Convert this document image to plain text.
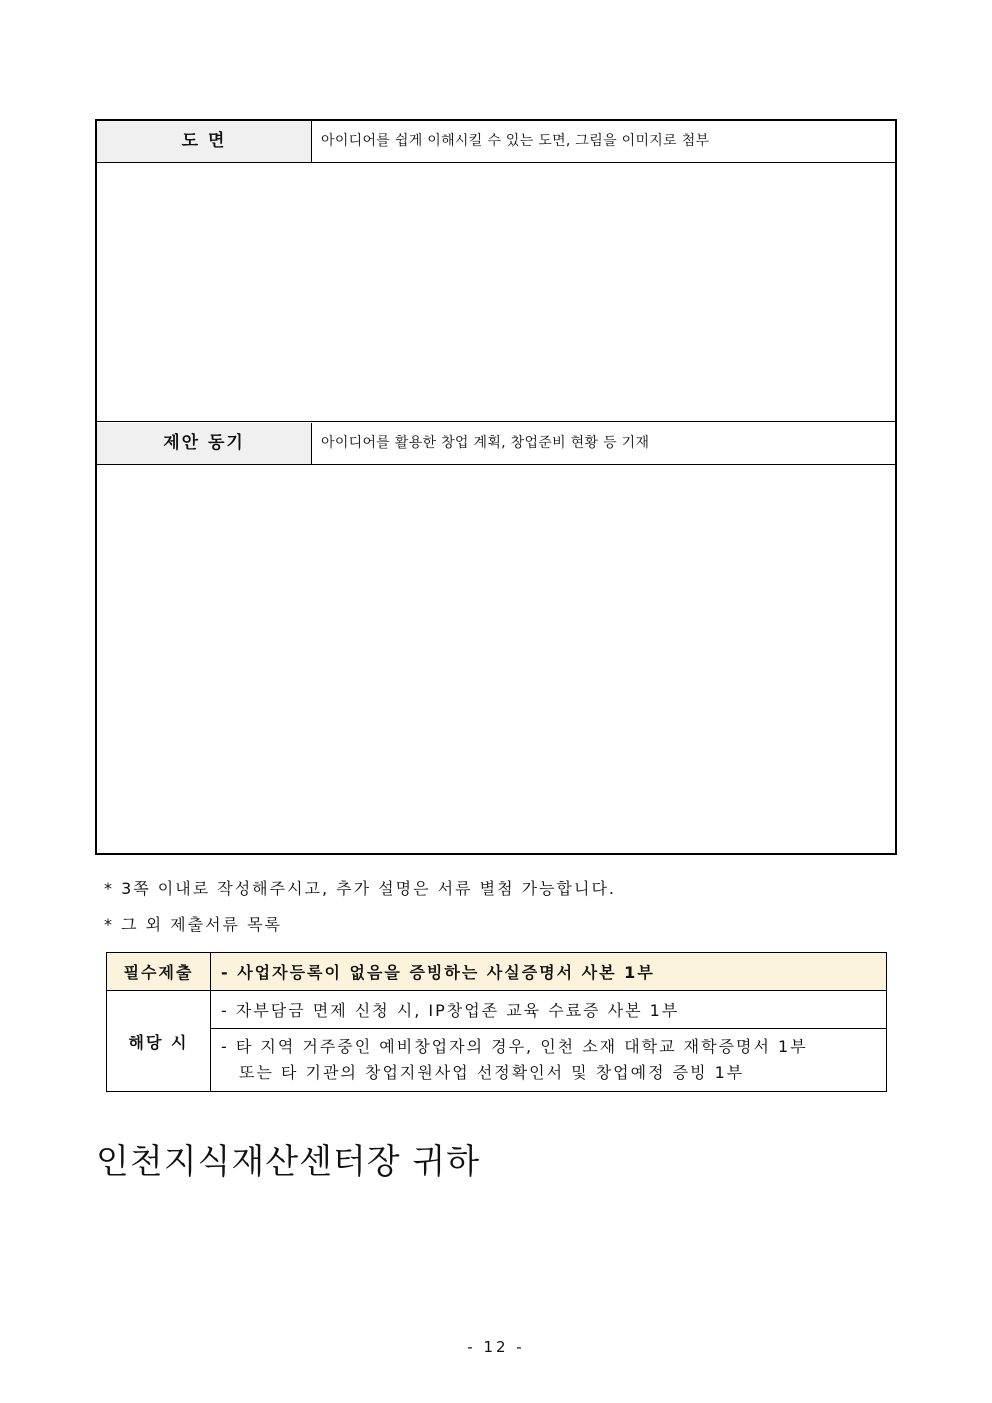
도 면	아이디어를 쉽게 이해시킬 수 있는 도면, 그림을 이미지로 첨부
제안 동기	아이디어를 활용한 창업 계획, 창업준비 현황 등 기재
* 3쪽 이내로 작성해주시고, 추가 설명은 서류 별첨 가능합니다.
* 그 외 제출서류 목록
필수제출	- 사업자등록이 없음을 증빙하는 사실증명서 사본 1부
해당 시	- 자부담금 면제 신청 시, IP창업존 교육 수료증 사본 1부
	- 타 지역 거주중인 예비창업자의 경우, 인천 소재 대학교 재학증명서 1부
또는 타 기관의 창업지원사업 선정확인서 및 창업예정 증빙 1부
인천지식재산센터장 귀하
- 12 -
